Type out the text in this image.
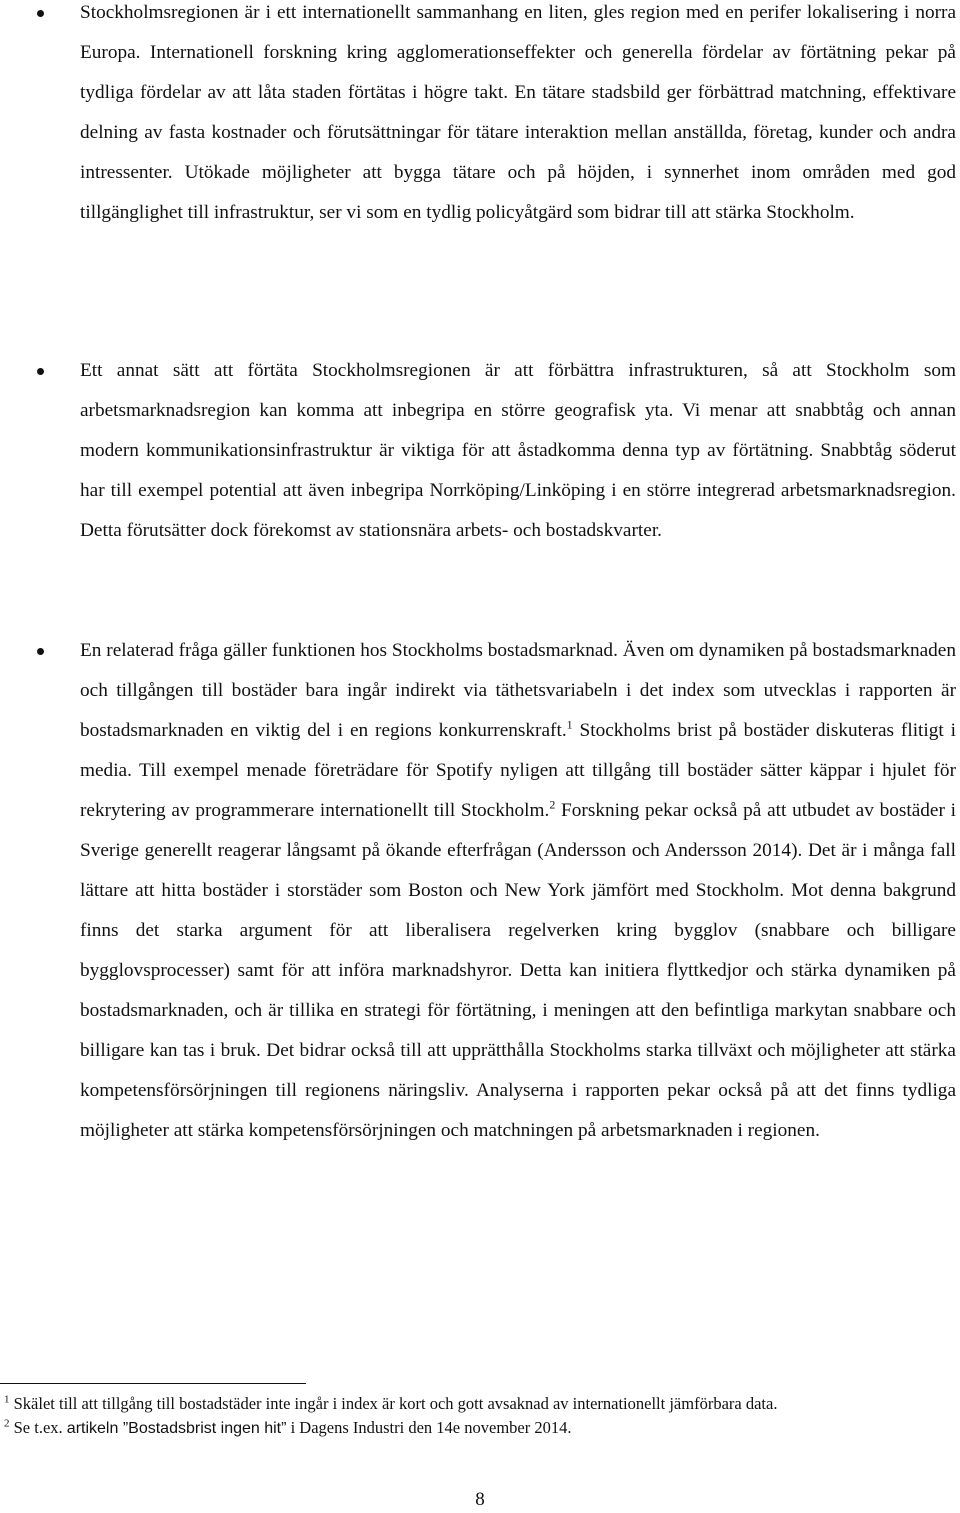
Stockholmsregionen är i ett internationellt sammanhang en liten, gles region med en perifer lokalisering i norra Europa. Internationell forskning kring agglomerationseffekter och generella fördelar av förtätning pekar på tydliga fördelar av att låta staden förtätas i högre takt. En tätare stadsbild ger förbättrad matchning, effektivare delning av fasta kostnader och förutsättningar för tätare interaktion mellan anställda, företag, kunder och andra intressenter. Utökade möjligheter att bygga tätare och på höjden, i synnerhet inom områden med god tillgänglighet till infrastruktur, ser vi som en tydlig policyåtgärd som bidrar till att stärka Stockholm.

Ett annat sätt att förtäta Stockholmsregionen är att förbättra infrastrukturen, så att Stockholm som arbetsmarknadsregion kan komma att inbegripa en större geografisk yta. Vi menar att snabbtåg och annan modern kommunikationsinfrastruktur är viktiga för att åstadkomma denna typ av förtätning. Snabbtåg söderut har till exempel potential att även inbegripa Norrköping/Linköping i en större integrerad arbetsmarknadsregion. Detta förutsätter dock förekomst av stationsnära arbets- och bostadskvarter.

En relaterad fråga gäller funktionen hos Stockholms bostadsmarknad. Även om dynamiken på bostadsmarknaden och tillgången till bostäder bara ingår indirekt via täthetsvariabeln i det index som utvecklas i rapporten är bostadsmarknaden en viktig del i en regions konkurrenskraft.$^1$ Stockholms brist på bostäder diskuteras flitigt i media. Till exempel menade företrädare för Spotify nyligen att tillgång till bostäder sätter käppar i hjulet för rekrytering av programmerare internationellt till Stockholm.$^2$ Forskning pekar också på att utbudet av bostäder i Sverige generellt reagerar långsamt på ökande efterfrågan (Andersson och Andersson 2014). Det är i många fall lättare att hitta bostäder i storstäder som Boston och New York jämfört med Stockholm. Mot denna bakgrund finns det starka argument för att liberalisera regelverken kring bygglov (snabbare och billigare bygglovsprocesser) samt för att införa marknadshyror. Detta kan initiera flyttkedjor och stärka dynamiken på bostadsmarknaden, och är tillika en strategi för förtätning, i meningen att den befintliga markytan snabbare och billigare kan tas i bruk. Det bidrar också till att upprätthålla Stockholms starka tillväxt och möjligheter att stärka kompetensförsörjningen till regionens näringsliv. Analyserna i rapporten pekar också på att det finns tydliga möjligheter att stärka kompetensförsörjningen och matchningen på arbetsmarknaden i regionen.

$^1$ Skälet till att tillgång till bostadstäder inte ingår i index är kort och gott avsaknad av internationellt jämförbara data.

$^2$ Se t.ex. artikeln ”Bostadsbrist ingen hit” i Dagens Industri den 14e november 2014.

8
